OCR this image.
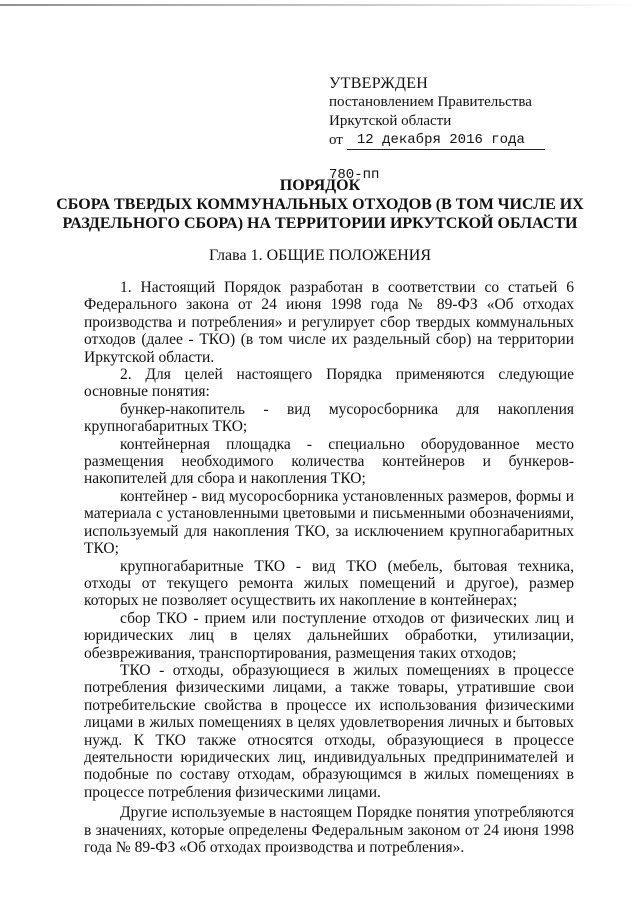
УТВЕРЖДЕН
постановлением Правительства
Иркутской области
от	12 декабря 2016 года
780-пп
ПОРЯДОК
СБОРА ТВЕРДЫХ КОММУНАЛЬНЫХ ОТХОДОВ (В ТОМ ЧИСЛЕ ИХ
РАЗДЕЛЬНОГО СБОРА) НА ТЕРРИТОРИИ ИРКУТСКОЙ ОБЛАСТИ
Глава 1. ОБЩИЕ ПОЛОЖЕНИЯ

1. Настоящий Порядок разработан в соответствии со статьей 6 Федерального закона от 24 июня 1998 года № 89-ФЗ «Об отходах производства и потребления» и регулирует сбор твердых коммунальных отходов (далее - ТКО) (в том числе их раздельный сбор) на территории Иркутской области.

2. Для целей настоящего Порядка применяются следующие основные понятия:

бункер-накопитель - вид мусоросборника для накопления крупногабаритных ТКО;

контейнерная площадка - специально оборудованное место размещения необходимого количества контейнеров и бункеров-накопителей для сбора и накопления ТКО;

контейнер - вид мусоросборника установленных размеров, формы и материала с установленными цветовыми и письменными обозначениями, используемый для накопления ТКО, за исключением крупногабаритных ТКО;

крупногабаритные ТКО - вид ТКО (мебель, бытовая техника, отходы от текущего ремонта жилых помещений и другое), размер которых не позволяет осуществить их накопление в контейнерах;

сбор ТКО - прием или поступление отходов от физических лиц и юридических лиц в целях дальнейших обработки, утилизации, обезвреживания, транспортирования, размещения таких отходов;

ТКО - отходы, образующиеся в жилых помещениях в процессе потребления физическими лицами, а также товары, утратившие свои потребительские свойства в процессе их использования физическими лицами в жилых помещениях в целях удовлетворения личных и бытовых нужд. К ТКО также относятся отходы, образующиеся в процессе деятельности юридических лиц, индивидуальных предпринимателей и подобные по составу отходам, образующимся в жилых помещениях в процессе потребления физическими лицами.

Другие используемые в настоящем Порядке понятия употребляются в значениях, которые определены Федеральным законом от 24 июня 1998 года № 89-ФЗ «Об отходах производства и потребления».
